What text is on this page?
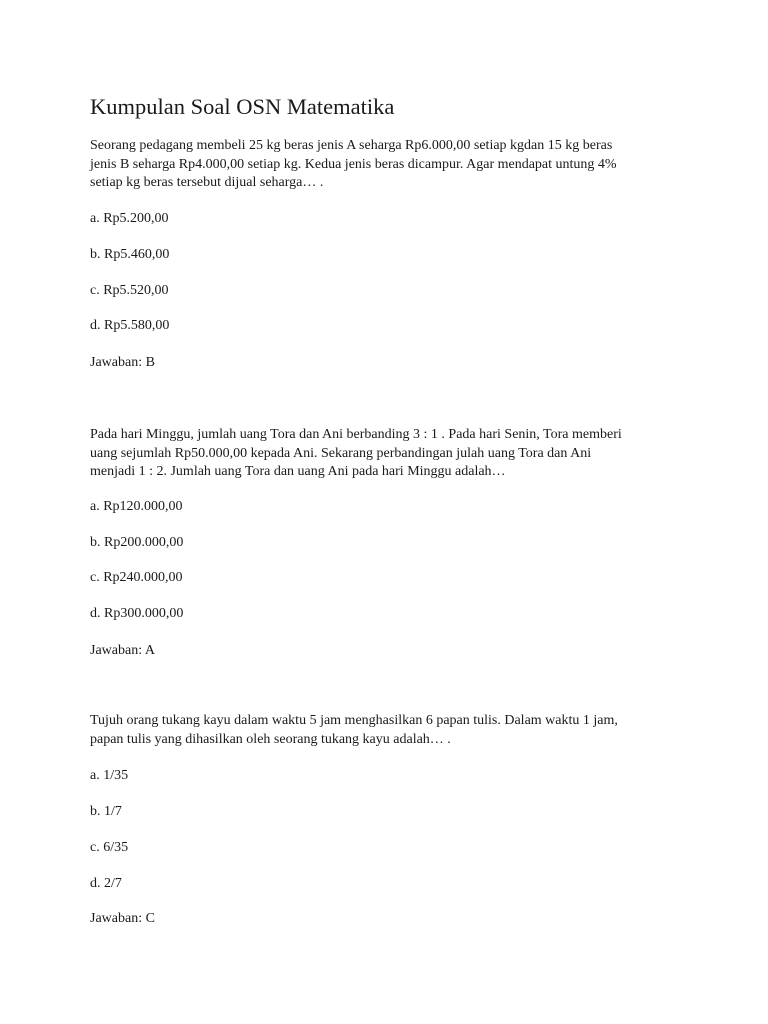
Kumpulan Soal OSN Matematika

Seorang pedagang membeli 25 kg beras jenis A seharga Rp6.000,00 setiap kgdan 15 kg beras
jenis B seharga Rp4.000,00 setiap kg. Kedua jenis beras dicampur. Agar mendapat untung 4%
setiap kg beras tersebut dijual seharga… .

a. Rp5.200,00
b. Rp5.460,00
c. Rp5.520,00
d. Rp5.580,00
Jawaban: B

Pada hari Minggu, jumlah uang Tora dan Ani berbanding 3 : 1 . Pada hari Senin, Tora memberi
uang sejumlah Rp50.000,00 kepada Ani. Sekarang perbandingan julah uang Tora dan Ani
menjadi 1 : 2. Jumlah uang Tora dan uang Ani pada hari Minggu adalah…

a. Rp120.000,00
b. Rp200.000,00
c. Rp240.000,00
d. Rp300.000,00
Jawaban: A

Tujuh orang tukang kayu dalam waktu 5 jam menghasilkan 6 papan tulis. Dalam waktu 1 jam,
papan tulis yang dihasilkan oleh seorang tukang kayu adalah… .

a. 1/35
b. 1/7
c. 6/35
d. 2/7
Jawaban: C
